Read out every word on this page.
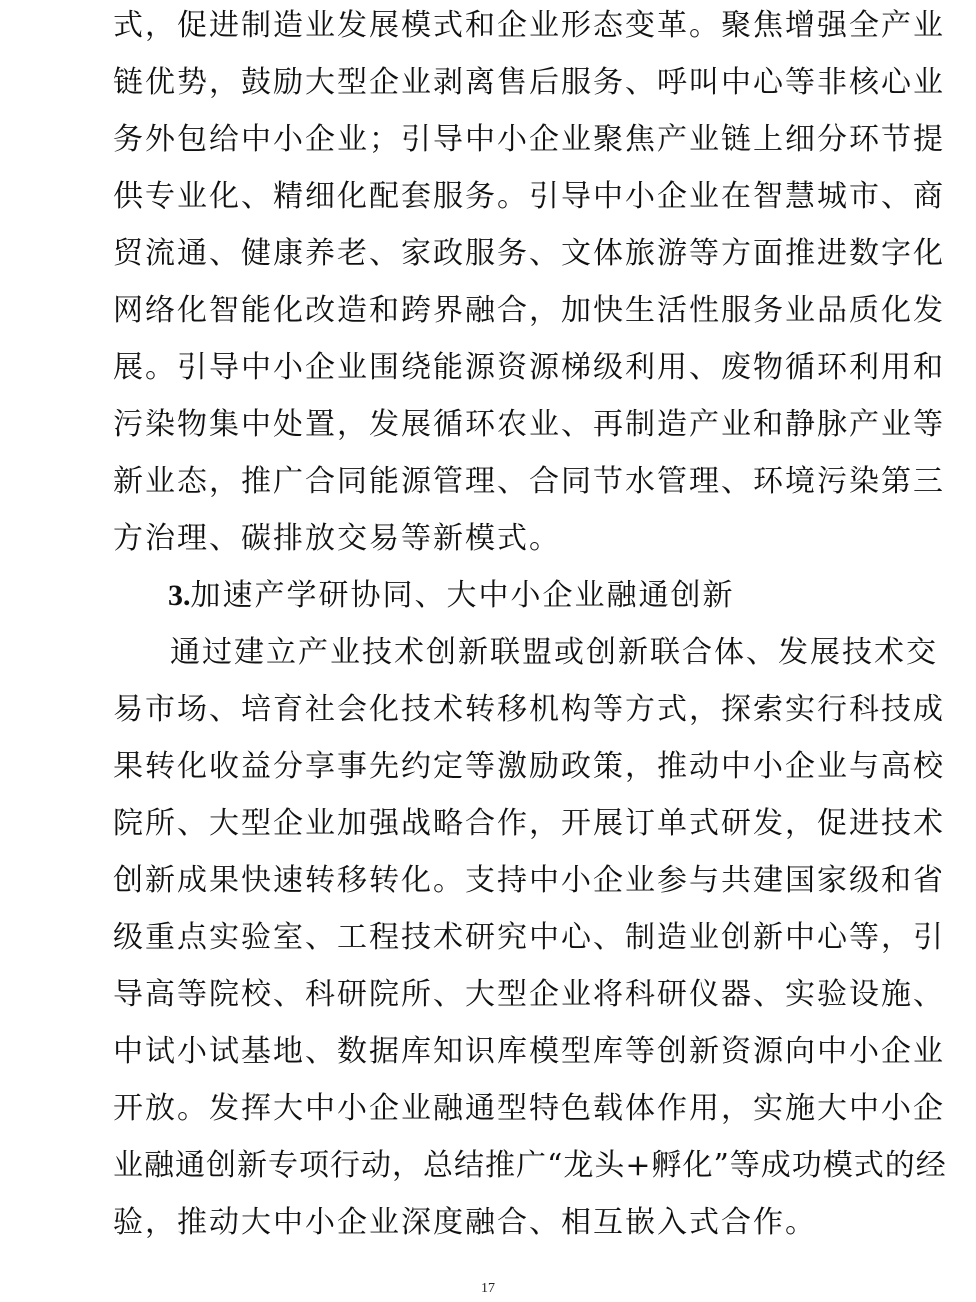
式，促进制造业发展模式和企业形态变革。聚焦增强全产业
链优势，鼓励大型企业剥离售后服务、呼叫中心等非核心业
务外包给中小企业；引导中小企业聚焦产业链上细分环节提
供专业化、精细化配套服务。引导中小企业在智慧城市、商
贸流通、健康养老、家政服务、文体旅游等方面推进数字化
网络化智能化改造和跨界融合，加快生活性服务业品质化发
展。引导中小企业围绕能源资源梯级利用、废物循环利用和
污染物集中处置，发展循环农业、再制造产业和静脉产业等
新业态，推广合同能源管理、合同节水管理、环境污染第三
方治理、碳排放交易等新模式。
3.加速产学研协同、大中小企业融通创新
通过建立产业技术创新联盟或创新联合体、发展技术交
易市场、培育社会化技术转移机构等方式，探索实行科技成
果转化收益分享事先约定等激励政策，推动中小企业与高校
院所、大型企业加强战略合作，开展订单式研发，促进技术
创新成果快速转移转化。支持中小企业参与共建国家级和省
级重点实验室、工程技术研究中心、制造业创新中心等，引
导高等院校、科研院所、大型企业将科研仪器、实验设施、
中试小试基地、数据库知识库模型库等创新资源向中小企业
开放。发挥大中小企业融通型特色载体作用，实施大中小企
业融通创新专项行动，总结推广“龙头+孵化”等成功模式的经
验，推动大中小企业深度融合、相互嵌入式合作。
17
